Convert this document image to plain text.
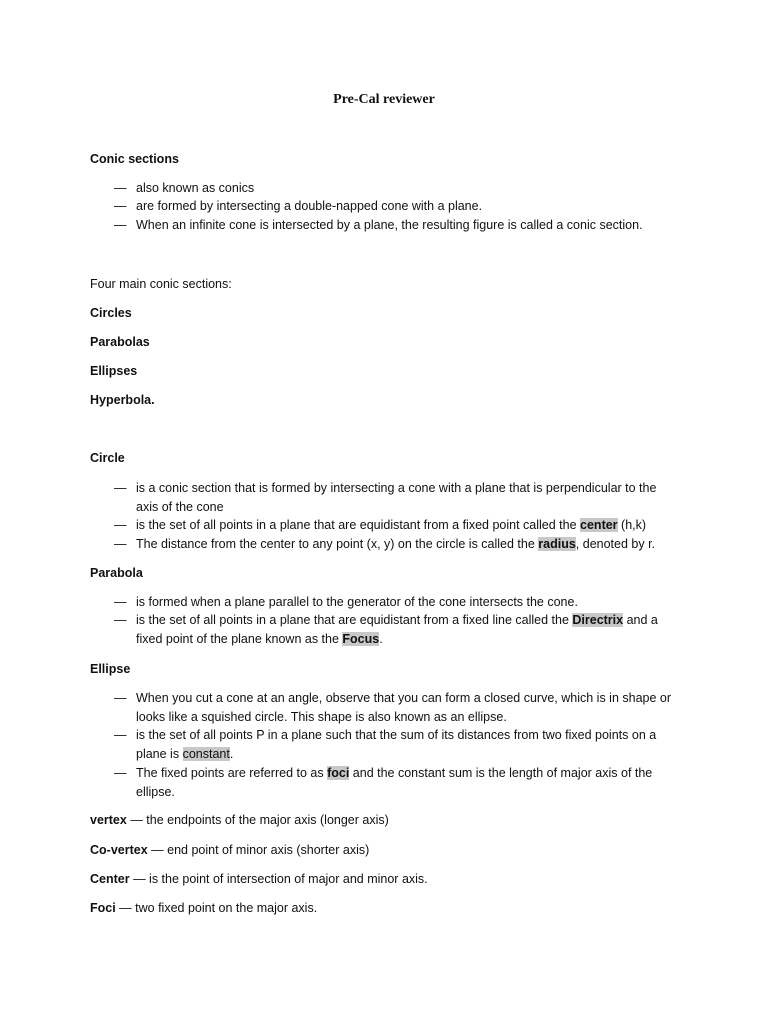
Pre-Cal reviewer
Conic sections
— also known as conics
— are formed by intersecting a double-napped cone with a plane.
— When an infinite cone is intersected by a plane, the resulting figure is called a conic section.
Four main conic sections:
Circles
Parabolas
Ellipses
Hyperbola.
Circle
— is a conic section that is formed by intersecting a cone with a plane that is perpendicular to the axis of the cone
— is the set of all points in a plane that are equidistant from a fixed point called the center (h,k)
— The distance from the center to any point (x, y) on the circle is called the radius, denoted by r.
Parabola
— is formed when a plane parallel to the generator of the cone intersects the cone.
— is the set of all points in a plane that are equidistant from a fixed line called the Directrix and a fixed point of the plane known as the Focus.
Ellipse
— When you cut a cone at an angle, observe that you can form a closed curve, which is in shape or looks like a squished circle. This shape is also known as an ellipse.
— is the set of all points P in a plane such that the sum of its distances from two fixed points on a plane is constant.
— The fixed points are referred to as foci and the constant sum is the length of major axis of the ellipse.
vertex — the endpoints of the major axis (longer axis)
Co-vertex — end point of minor axis (shorter axis)
Center — is the point of intersection of major and minor axis.
Foci — two fixed point on the major axis.
